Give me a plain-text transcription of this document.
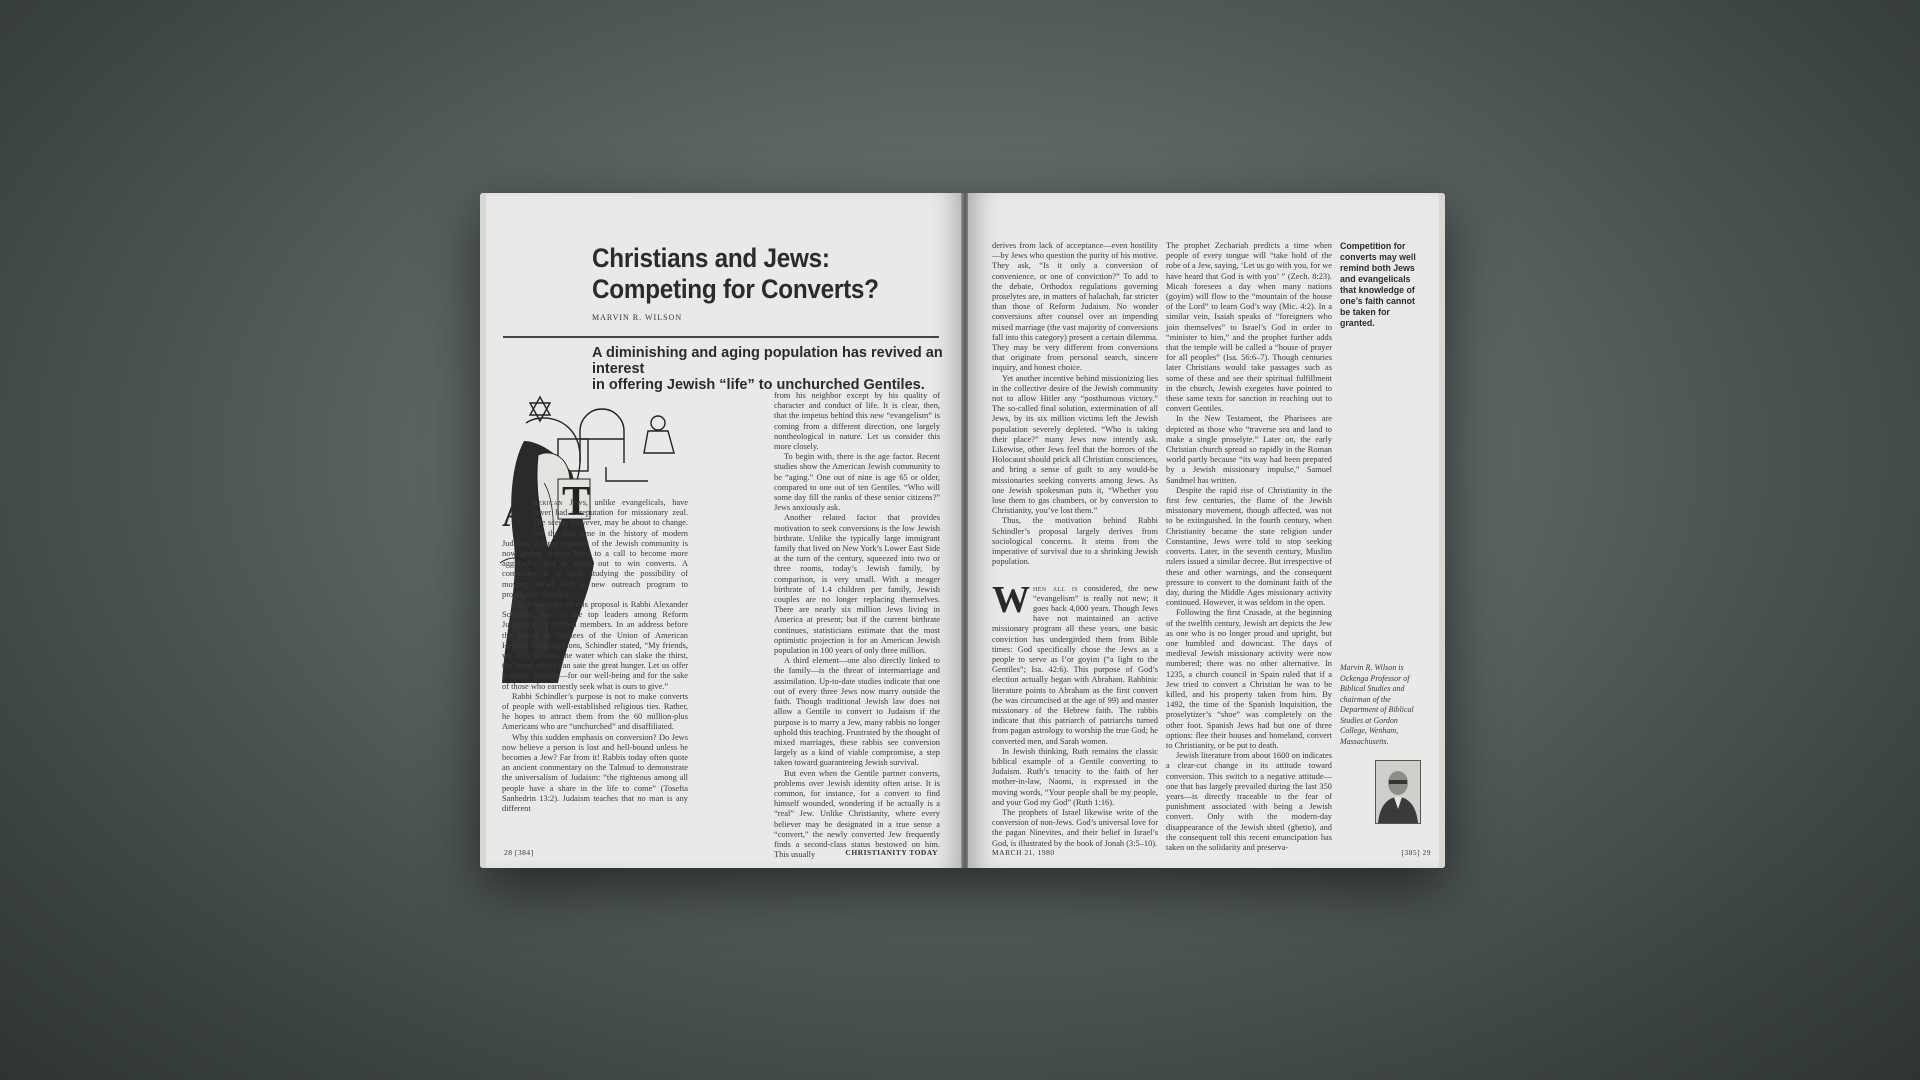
Christians and Jews:
Competing for Converts?
MARVIN R. WILSON
A diminishing and aging population has revived an interest
in offering Jewish “life” to unchurched Gentiles.
T

American Jews, unlike evangelicals, have never had a reputation for missionary zeal. The scene, however, may be about to change. For the first time in the history of modern Judaism, a large segment of the Jewish community is now giving serious heed to a call to become more aggressive and to reach out to win converts. A committee is at work studying the possibility of moving ahead with a new outreach program to proselytize Gentiles.

Chief advocate of this proposal is Rabbi Alexander Schindler, one of the top leaders among Reform Judaism’s 1.2 million members. In an address before the Board of Trustees of the Union of American Hebrew Congregations, Schindler stated, “My friends, we Jews possess the water which can slake the thirst, the bread which can sate the great hunger. Let us offer it freely, proudly—for our well-being and for the sake of those who earnestly seek what is ours to give.”

Rabbi Schindler’s purpose is not to make converts of people with well-established religious ties. Rather, he hopes to attract them from the 60 million-plus Americans who are “unchurched” and disaffiliated.

Why this sudden emphasis on conversion? Do Jews now believe a person is lost and hell-bound unless he becomes a Jew? Far from it! Rabbis today often quote an ancient commentary on the Talmud to demonstrate the universalism of Judaism: “the righteous among all people have a share in the life to come” (Tosefta Sanhedrin 13:2). Judaism teaches that no man is any different

from his neighbor except by his quality of character and conduct of life. It is clear, then, that the impetus behind this new “evangelism” is coming from a different direction, one largely nontheological in nature. Let us consider this more closely.

To begin with, there is the age factor. Recent studies show the American Jewish community to be “aging.” One out of nine is age 65 or older, compared to one out of ten Gentiles. “Who will some day fill the ranks of these senior citizens?” Jews anxiously ask.

Another related factor that provides motivation to seek conversions is the low Jewish birthrate. Unlike the typically large immigrant family that lived on New York’s Lower East Side at the turn of the century, squeezed into two or three rooms, today’s Jewish family, by comparison, is very small. With a meager birthrate of 1.4 children per family, Jewish couples are no longer replacing themselves. There are nearly six million Jews living in America at present; but if the current birthrate continues, statisticians estimate that the most optimistic projection is for an American Jewish population in 100 years of only three million.

A third element—one also directly linked to the family—is the threat of intermarriage and assimilation. Up-to-date studies indicate that one out of every three Jews now marry outside the faith. Though traditional Jewish law does not allow a Gentile to convert to Judaism if the purpose is to marry a Jew, many rabbis no longer uphold this teaching. Frustrated by the thought of mixed marriages, these rabbis see conversion largely as a kind of viable compromise, a step taken toward guaranteeing Jewish survival.

But even when the Gentile partner converts, problems over Jewish identity often arise. It is common, for instance, for a convert to find himself wounded, wondering if he actually is a “real” Jew. Unlike Christianity, where every believer may be designated in a true sense a “convert,” the newly converted Jew frequently finds a second-class status bestowed on him. This usually

28 [384]	CHRISTIANITY TODAY

derives from lack of acceptance—even hostility—by Jews who question the purity of his motive. They ask, “Is it only a conversion of convenience, or one of conviction?” To add to the debate, Orthodox regulations governing proselytes are, in matters of halachah, far stricter than those of Reform Judaism. No wonder conversions after counsel over an impending mixed marriage (the vast majority of conversions fall into this category) present a certain dilemma. They may be very different from conversions that originate from personal search, sincere inquiry, and honest choice.

Yet another incentive behind missionizing lies in the collective desire of the Jewish community not to allow Hitler any “posthumous victory.” The so-called final solution, extermination of all Jews, by its six million victims left the Jewish population severely depleted. “Who is taking their place?” many Jews now intently ask. Likewise, other Jews feel that the horrors of the Holocaust should prick all Christian consciences, and bring a sense of guilt to any would-be missionaries seeking converts among Jews. As one Jewish spokesman puts it, “Whether you lose them to gas chambers, or by conversion to Christianity, you’ve lost them.”

Thus, the motivation behind Rabbi Schindler’s proposal largely derives from sociological concerns. It stems from the imperative of survival due to a shrinking Jewish population.

When all is considered, the new “evangelism” is really not new; it goes back 4,000 years. Though Jews have not maintained an active missionary program all these years, one basic conviction has undergirded them from Bible times: God specifically chose the Jews as a people to serve as l’or goyim (“a light to the Gentiles”; Isa. 42:6). This purpose of God’s election actually began with Abraham. Rabbinic literature points to Abraham as the first convert (he was circumcised at the age of 99) and master missionary of the Hebrew faith. The rabbis indicate that this patriarch of patriarchs turned from pagan astrology to worship the true God; he converted men, and Sarah women.

In Jewish thinking, Ruth remains the classic biblical example of a Gentile converting to Judaism. Ruth’s tenacity to the faith of her mother-in-law, Naomi, is expressed in the moving words, “Your people shall be my people, and your God my God” (Ruth 1:16).

The prophets of Israel likewise write of the conversion of non-Jews. God’s universal love for the pagan Ninevites, and their belief in Israel’s God, is illustrated by the book of Jonah (3:5–10).

The prophet Zechariah predicts a time when people of every tongue will “take hold of the robe of a Jew, saying, ‘Let us go with you, for we have heard that God is with you’ ” (Zech. 8:23). Micah foresees a day when many nations (goyim) will flow to the “mountain of the house of the Lord” to learn God’s way (Mic. 4:2). In a similar vein, Isaiah speaks of “foreigners who join themselves” to Israel’s God in order to “minister to him,” and the prophet further adds that the temple will be called a “house of prayer for all peoples” (Isa. 56:6–7). Though centuries later Christians would take passages such as some of these and see their spiritual fulfillment in the church, Jewish exegetes have pointed to these same texts for sanction in reaching out to convert Gentiles.

In the New Testament, the Pharisees are depicted as those who “traverse sea and land to make a single proselyte.” Later on, the early Christian church spread so rapidly in the Roman world partly because “its way had been prepared by a Jewish missionary impulse,” Samuel Sandmel has written.

Despite the rapid rise of Christianity in the first few centuries, the flame of the Jewish missionary movement, though affected, was not to be extinguished. In the fourth century, when Christianity became the state religion under Constantine, Jews were told to stop seeking converts. Later, in the seventh century, Muslim rulers issued a similar decree. But irrespective of these and other warnings, and the consequent pressure to convert to the dominant faith of the day, during the Middle Ages missionary activity continued. However, it was seldom in the open.

Following the first Crusade, at the beginning of the twelfth century, Jewish art depicts the Jew as one who is no longer proud and upright, but one humbled and downcast. The days of medieval Jewish missionary activity were now numbered; there was no other alternative. In 1235, a church council in Spain ruled that if a Jew tried to convert a Christian he was to be killed, and his property taken from him. By 1492, the time of the Spanish Inquisition, the proselytizer’s “shoe” was completely on the other foot. Spanish Jews had but one of three options: flee their houses and homeland, convert to Christianity, or be put to death.

Jewish literature from about 1600 on indicates a clear-cut change in its attitude toward conversion. This switch to a negative attitude—one that has largely prevailed during the last 350 years—is directly traceable to the fear of punishment associated with being a Jewish convert. Only with the modern-day disappearance of the Jewish shtetl (ghetto), and the consequent toll this recent emancipation has taken on the solidarity and preserva-

Competition for converts may well remind both Jews and evangelicals that knowledge of one’s faith cannot be taken for granted.
Marvin R. Wilson is Ockenga Professor of Biblical Studies and chairman of the Department of Biblical Studies at Gordon College, Wenham, Massachusetts.
MARCH 21, 1980	[385] 29
